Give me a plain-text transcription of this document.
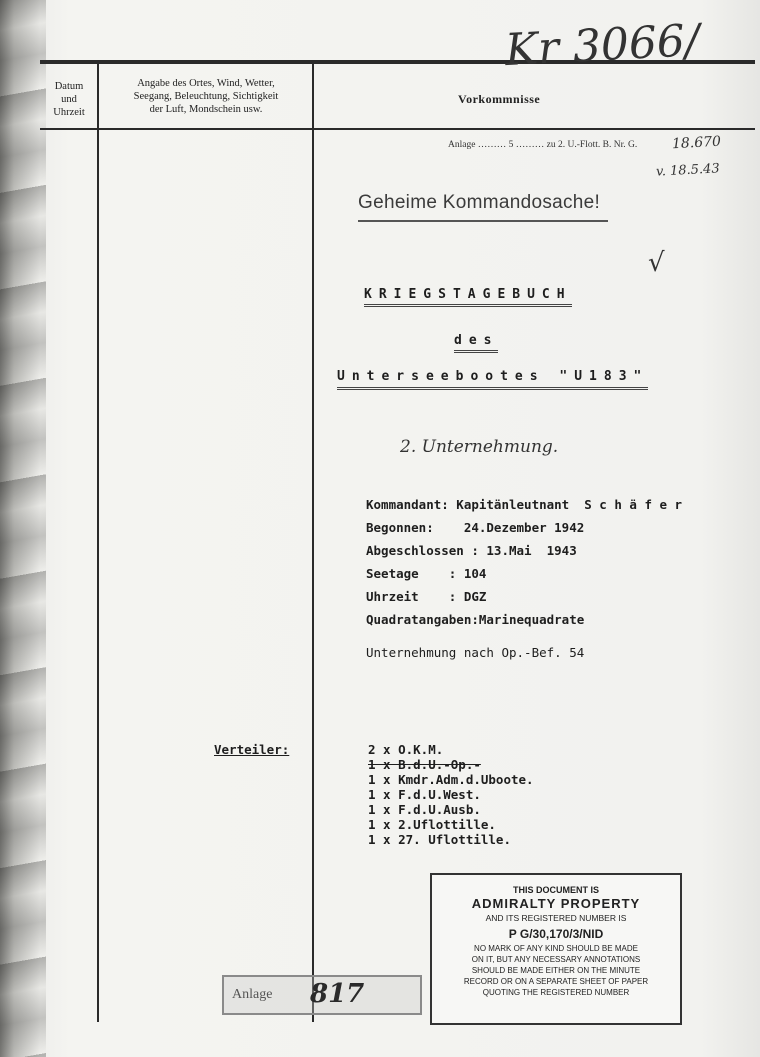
Datum
und
Uhrzeit
Angabe des Ortes, Wind, Wetter,
Seegang, Beleuchtung, Sichtigkeit
der Luft, Mondschein usw.
Vorkommnisse
Kr 3066/
Anlage ……… 5 ……… zu 2. U.-Flott. B. Nr. G. 18.670
v. 18.5.43
Geheime Kommandosache!
√
KRIEGSTAGEBUCH
des
Unterseebootes "U183"
2. Unternehmung.
Kommandant: Kapitänleutnant  S c h ä f e r
Begonnen:    24.Dezember 1942
Abgeschlossen : 13.Mai  1943
Seetage    : 104
Uhrzeit    : DGZ
Quadratangaben:Marinequadrate
Unternehmung nach Op.-Bef. 54
Verteiler:	2 x O.K.M.
1 x B.d.U.-Op.-
1 x Kmdr.Adm.d.Uboote.
1 x F.d.U.West.
1 x F.d.U.Ausb.
1 x 2.Uflottille.
1 x 27. Uflottille.
THIS DOCUMENT IS
ADMIRALTY PROPERTY
AND ITS REGISTERED NUMBER IS
P G/30,170/3/NID
NO MARK OF ANY KIND SHOULD BE MADE
ON IT, BUT ANY NECESSARY ANNOTATIONS
SHOULD BE MADE EITHER ON THE MINUTE
RECORD OR ON A SEPARATE SHEET OF PAPER
QUOTING THE REGISTERED NUMBER
Anlage 817
